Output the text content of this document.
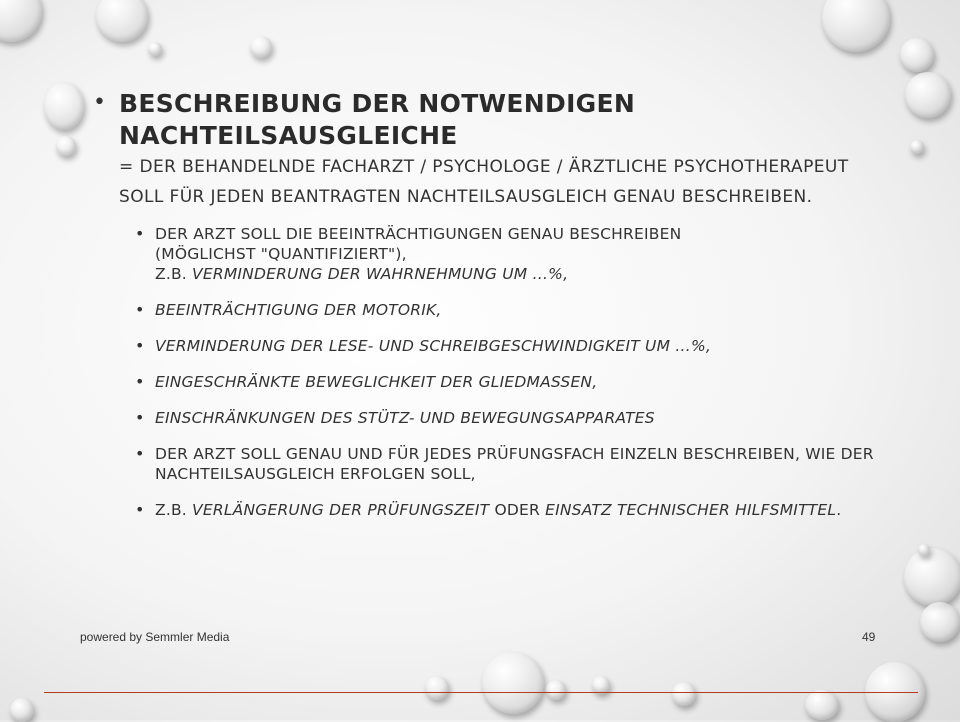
• BESCHREIBUNG DER NOTWENDIGEN NACHTEILSAUSGLEICHE

= DER BEHANDELNDE FACHARZT / PSYCHOLOGE / ÄRZTLICHE PSYCHOTHERAPEUT SOLL FÜR JEDEN BEANTRAGTEN NACHTEILSAUSGLEICH GENAU BESCHREIBEN.

• DER ARZT SOLL DIE BEEINTRÄCHTIGUNGEN GENAU BESCHREIBEN
(MÖGLICHST "QUANTIFIZIERT"),
Z.B. VERMINDERUNG DER WAHRNEHMUNG UM …%,
• BEEINTRÄCHTIGUNG DER MOTORIK,
• VERMINDERUNG DER LESE- UND SCHREIBGESCHWINDIGKEIT UM …%,
• EINGESCHRÄNKTE BEWEGLICHKEIT DER GLIEDMASSEN,
• EINSCHRÄNKUNGEN DES STÜTZ- UND BEWEGUNGSAPPARATES
• DER ARZT SOLL GENAU UND FÜR JEDES PRÜFUNGSFACH EINZELN BESCHREIBEN, WIE DER NACHTEILSAUSGLEICH ERFOLGEN SOLL,
• Z.B. VERLÄNGERUNG DER PRÜFUNGSZEIT ODER EINSATZ TECHNISCHER HILFSMITTEL.
powered by Semmler Media	49
